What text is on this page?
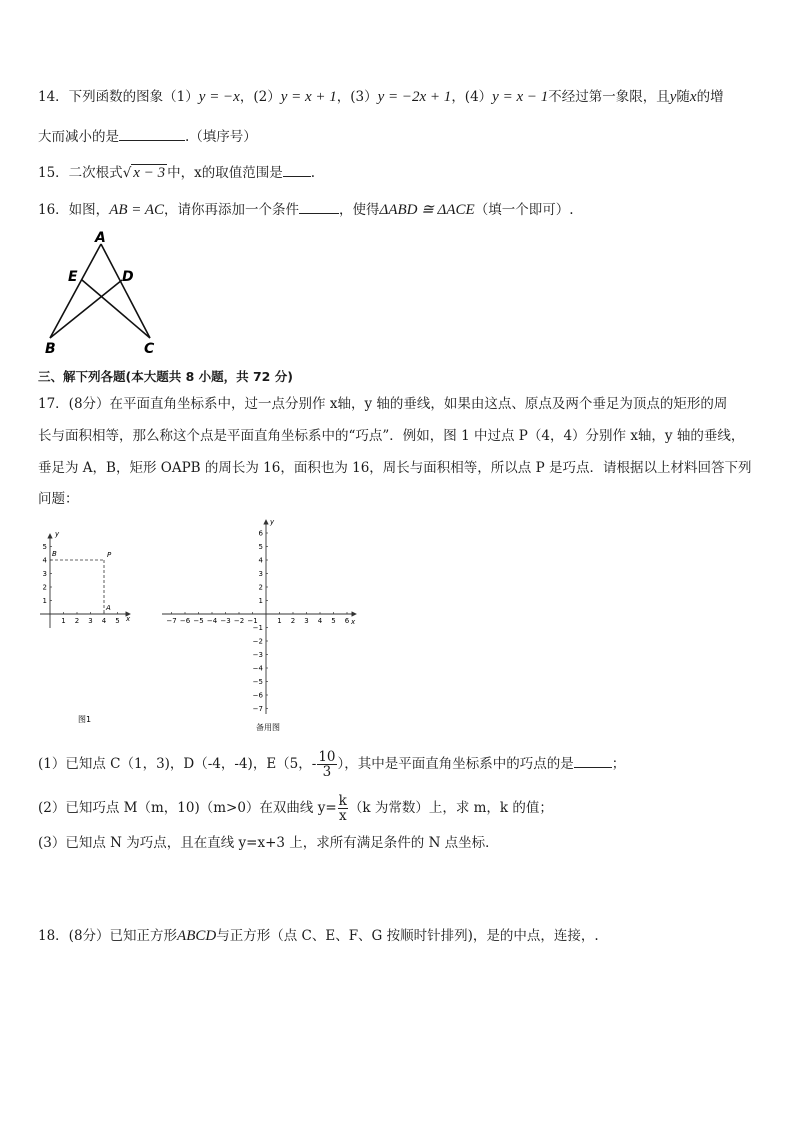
14．下列函数的图象（1）y = −x，(2）y = x + 1，(3）y = −2x + 1，(4）y = x − 1不经过第一象限，且y随x的增
大而减小的是	.（填序号）
15．二次根式√ x − 3 中，x的取值范围是 .
16．如图，AB = AC，请你再添加一个条件	，使得ΔABD ≅ ΔACE（填一个即可）.
A
E	D
B	C
三、解下列各题(本大题共 8 小题，共 72 分)
17．(8分）在平面直角坐标系中，过一点分别作 x轴，y 轴的垂线，如果由这点、原点及两个垂足为顶点的矩形的周
长与面积相等，那么称这个点是平面直角坐标系中的“巧点”．例如，图 1 中过点 P（4，4）分别作 x轴，y 轴的垂线，
垂足为 A，B，矩形 OAPB 的周长为 16，面积也为 16，周长与面积相等，所以点 P 是巧点．请根据以上材料回答下列
问题：
1 2 3 4 5
1
2
3
4
5
x
y
B	P
A
图1
−7 −6 −5 −4 −3 −2 −1	1 2 3 4 5 6
6
5
4
3
2
1
−1
−2
−3
−4
−5
−6
−7
x
y
备用图
(1）已知点 C（1，3)，D（-4，-4)，E（5，- $\frac{10}{3}$ ），其中是平面直角坐标系中的巧点的是	；
(2）已知巧点 M（m，10)（m>0）在双曲线 $y= \frac{k}{x} (k$ 为常数）上，求 m，k 的值；
(3）已知点 N 为巧点，且在直线 y=x+3 上，求所有满足条件的 N 点坐标．
18．(8分）已知正方形ABCD与正方形（点 C、E、F、G 按顺时针排列)，是的中点，连接，.
